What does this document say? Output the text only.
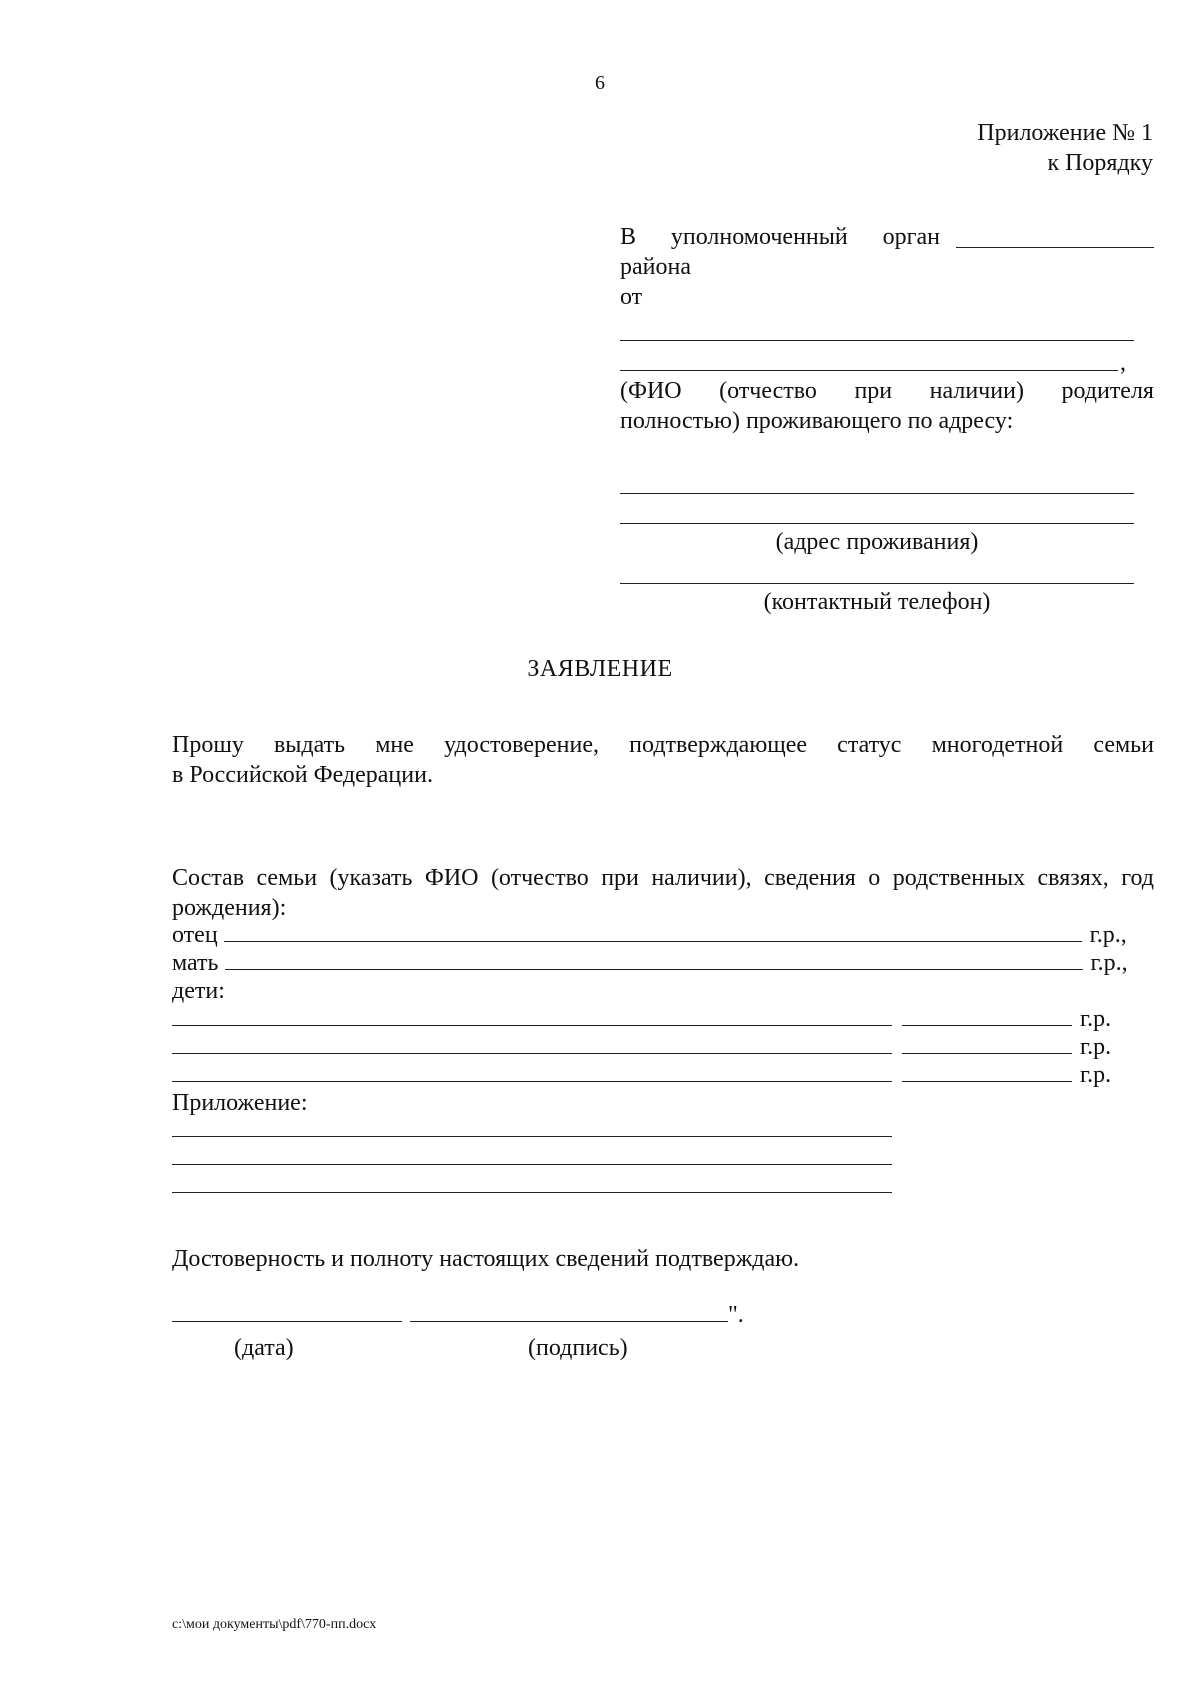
6
Приложение № 1
к Порядку
В уполномоченный орган
района
от
,
(ФИО (отчество при наличии) родителя
полностью) проживающего по адресу:
(адрес проживания)
(контактный телефон)
ЗАЯВЛЕНИЕ
Прошу выдать мне удостоверение, подтверждающее статус многодетной семьи
в Российской Федерации.
Состав семьи (указать ФИО (отчество при наличии), сведения о родственных связях, год
рождения):
отец	г.р.,
мать	г.р.,
дети:
г.р.
г.р.
г.р.
Приложение:
Достоверность и полноту настоящих сведений подтверждаю.
".
(дата)	(подпись)
c:\мои документы\pdf\770-пп.docx
